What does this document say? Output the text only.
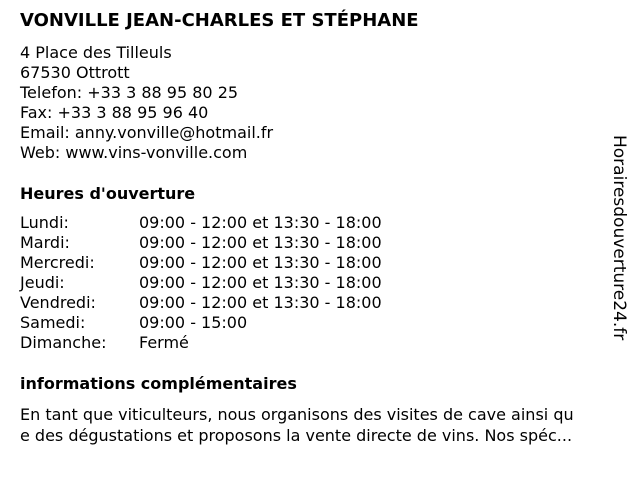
VONVILLE JEAN-CHARLES ET STÉPHANE
4 Place des Tilleuls
67530 Ottrott
Telefon: +33 3 88 95 80 25
Fax: +33 3 88 95 96 40
Email: anny.vonville@hotmail.fr
Web: www.vins-vonville.com
Heures d'ouverture
Lundi:	09:00 - 12:00 et 13:30 - 18:00
Mardi:	09:00 - 12:00 et 13:30 - 18:00
Mercredi:	09:00 - 12:00 et 13:30 - 18:00
Jeudi:	09:00 - 12:00 et 13:30 - 18:00
Vendredi:	09:00 - 12:00 et 13:30 - 18:00
Samedi:	09:00 - 15:00
Dimanche: Fermé
informations complémentaires
En tant que viticulteurs, nous organisons des visites de cave ainsi qu
e des dégustations et proposons la vente directe de vins. Nos spéc...
Horairesdouverture24.fr
